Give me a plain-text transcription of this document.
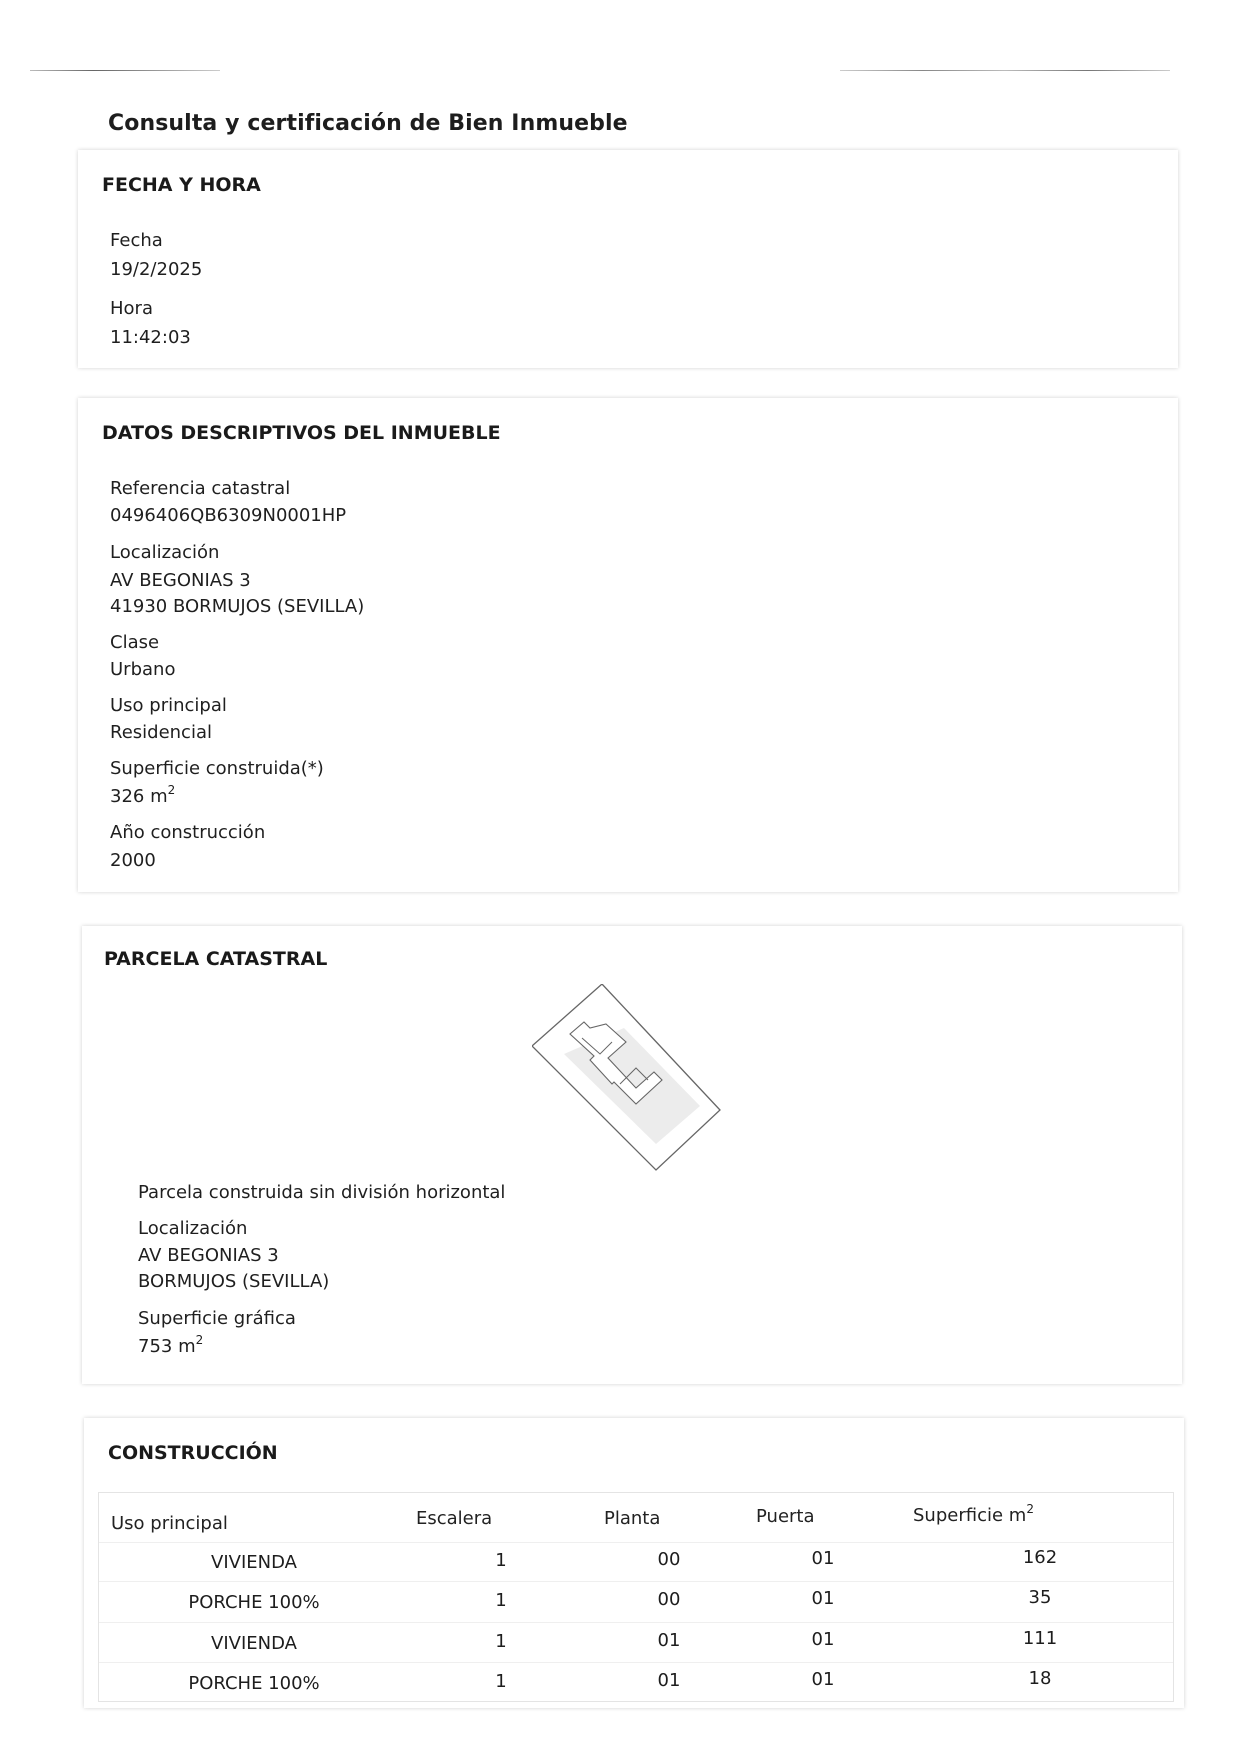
Consulta y certificación de Bien Inmueble
FECHA Y HORA
Fecha
19/2/2025
Hora
11:42:03
DATOS DESCRIPTIVOS DEL INMUEBLE
Referencia catastral
0496406QB6309N0001HP
Localización
AV BEGONIAS 3
41930 BORMUJOS (SEVILLA)
Clase
Urbano
Uso principal
Residencial
Superficie construida(*)
326 $m^2$
Año construcción
2000
PARCELA CATASTRAL
Parcela construida sin división horizontal
Localización
AV BEGONIAS 3
BORMUJOS (SEVILLA)
Superficie gráfica
753 $m^2$
CONSTRUCCIÓN
Uso principal	Escalera	Planta	Puerta	Superficie $m^2$
VIVIENDA	1	00	01	162
PORCHE 100%	1	00	01	35
VIVIENDA	1	01	01	111
PORCHE 100%	1	01	01	18
